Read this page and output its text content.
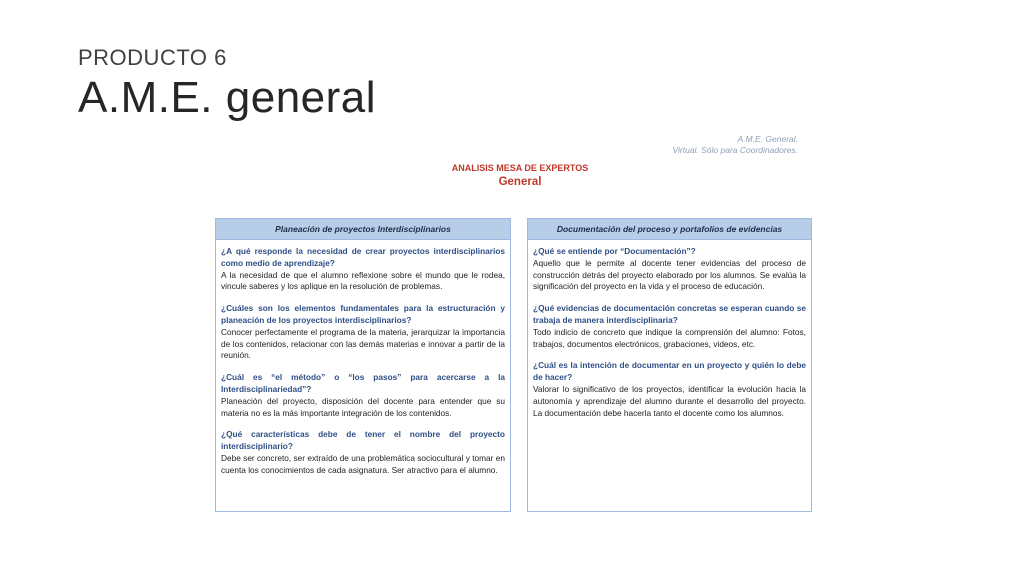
PRODUCTO 6
A.M.E. general
A.M.E. General.
Virtual. Sólo para Coordinadores.
ANALISIS MESA DE EXPERTOS
General
Planeación de proyectos Interdisciplinarios
¿A qué responde la necesidad de crear proyectos interdisciplinarios como medio de aprendizaje?
A la necesidad de que el alumno reflexione sobre el mundo que le rodea, vincule saberes y los aplique en la resolución de problemas.
¿Cuáles son los elementos fundamentales para la estructuración y planeación de los proyectos interdisciplinarios?
Conocer perfectamente el programa de la materia, jerarquizar la importancia de los contenidos, relacionar con las demás materias e innovar a partir de la reunión.
¿Cuál es “el método” o “los pasos” para acercarse a la Interdisciplinariedad”?
Planeación del proyecto, disposición del docente para entender que su materia no es la más importante integración de los contenidos.
¿Qué características debe de tener el nombre del proyecto interdisciplinario?
Debe ser concreto, ser extraído de una problemática sociocultural y tomar en cuenta los conocimientos de cada asignatura. Ser atractivo para el alumno.
Documentación del proceso y portafolios de evidencias
¿Qué se entiende por “Documentación”?
Aquello que le permite al docente tener evidencias del proceso de construcción detrás del proyecto elaborado por los alumnos. Se evalúa la significación del proyecto en la vida y el proceso de educación.
¿Qué evidencias de documentación concretas se esperan cuando se trabaja de manera interdisciplinaria?
Todo indicio de concreto que indique la comprensión del alumno: Fotos, trabajos, documentos electrónicos, grabaciones, videos, etc.
¿Cuál es la intención de documentar en un proyecto y quién lo debe de hacer?
Valorar lo significativo de los proyectos, identificar la evolución hacia la autonomía y aprendizaje del alumno durante el desarrollo del proyecto. La documentación debe hacerla tanto el docente como los alumnos.
